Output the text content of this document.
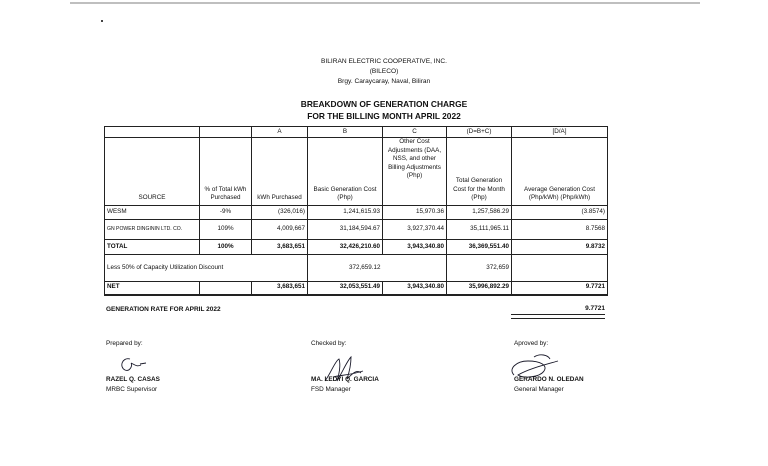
BILIRAN ELECTRIC COOPERATIVE, INC.
(BILECO)
Brgy. Caraycaray, Naval, Biliran
BREAKDOWN OF GENERATION CHARGE
FOR THE BILLING MONTH APRIL 2022
		A	B	C	(D=B+C)	[D/A]
SOURCE	% of Total kWh Purchased	kWh Purchased	Basic Generation Cost (Php)	Other Cost Adjustments (DAA, NSS, and other Billing Adjustments (Php)	Total Generation Cost for the Month (Php)	Average Generation Cost (Php/kWh) (Php/kWh)
WESM	-9%	(326,016)	1,241,615.93	15,970.36	1,257,586.29	(3.8574)
GN POWER DINGININ LTD. CO.	109%	4,009,667	31,184,594.67	3,927,370.44	35,111,965.11	8.7568
TOTAL	100%	3,683,651	32,426,210.60	3,943,340.80	36,369,551.40	9.8732
Less 50% of Capacity Utilization Discount			372,659.12		372,659	
NET		3,683,651	32,053,551.49	3,943,340.80	35,996,892.29	9.7721
GENERATION RATE FOR APRIL 2022	9.7721
Prepared by:
RAZEL Q. CASAS
MRBC Supervisor
Checked by:
MA. LEDYI Q. GARCIA
FSD Manager
Aproved by:
GERARDO N. OLEDAN
General Manager
